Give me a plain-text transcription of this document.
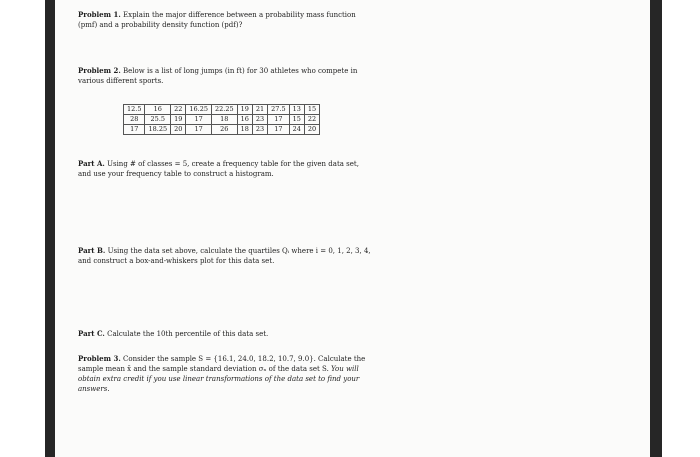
Problem 1. Explain the major difference between a probability mass function

(pmf) and a probability density function (pdf)?

Problem 2. Below is a list of long jumps (in ft) for 30 athletes who compete in

various different sports.

12.5	16	22	16.25	22.25	19	21	27.5	13	15
28	25.5	19	17	18	16	23	17	15	22
17	18.25	20	17	26	18	23	17	24	20

Part A. Using # of classes = 5, create a frequency table for the given data set,

and use your frequency table to construct a histogram.

Part B. Using the data set above, calculate the quartiles Qᵢ where i = 0, 1, 2, 3, 4,

and construct a box-and-whiskers plot for this data set.

Part C. Calculate the 10th percentile of this data set.

Problem 3. Consider the sample S = {16.1, 24.0, 18.2, 10.7, 9.0}. Calculate the

sample mean x̄ and the sample standard deviation σₓ of the data set S. You will

obtain extra credit if you use linear transformations of the data set to find your

answers.
